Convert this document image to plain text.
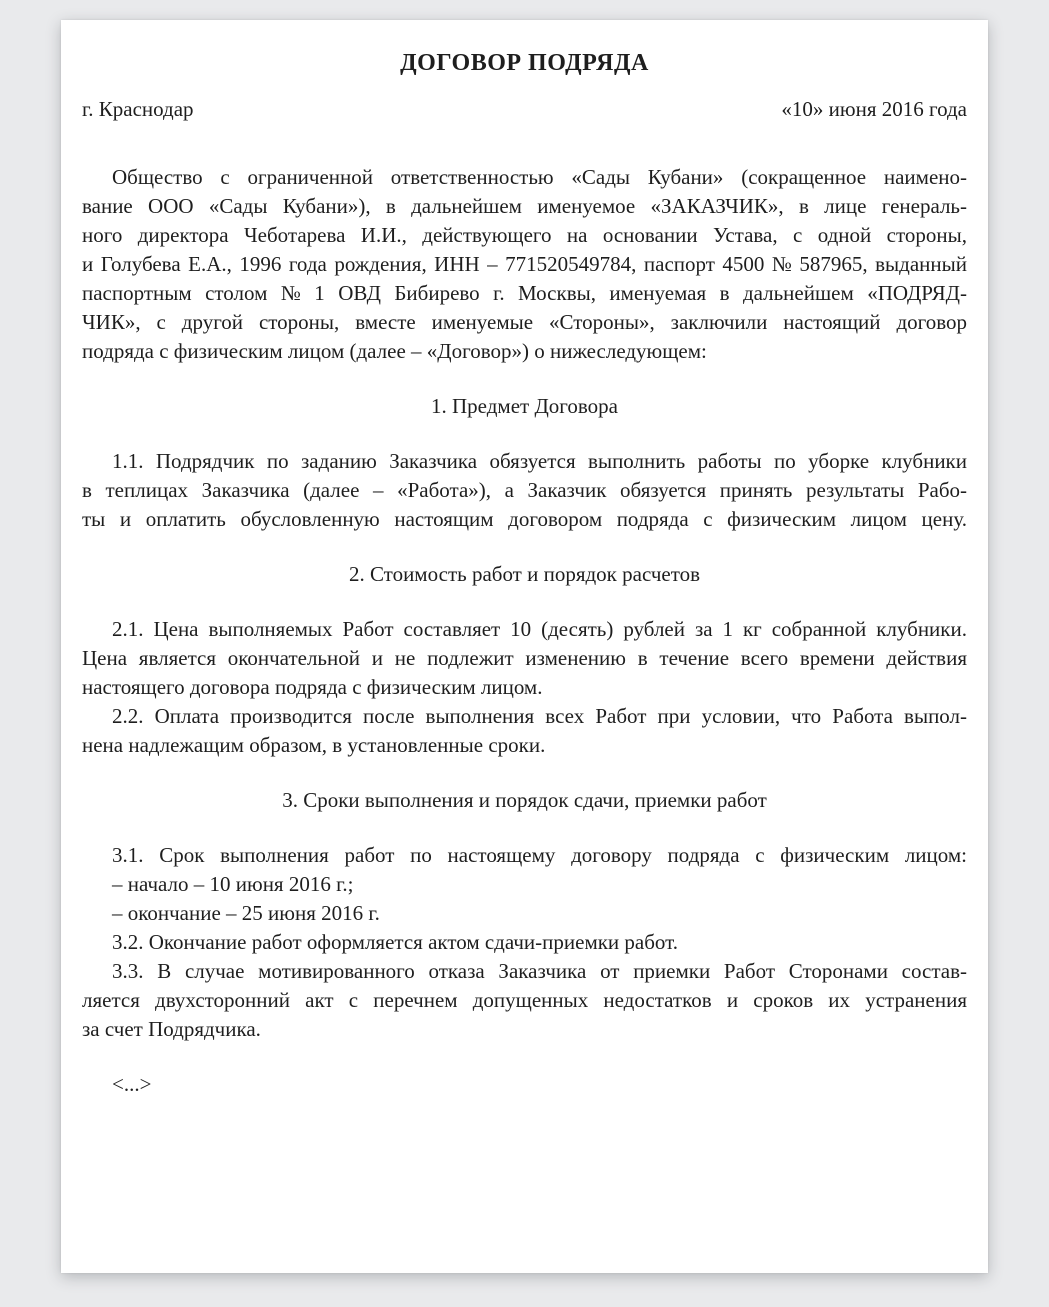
ДОГОВОР ПОДРЯДА
г. Краснодар	«10» июня 2016 года
Общество с ограниченной ответственностью «Сады Кубани» (сокращенное наимено-
вание ООО «Сады Кубани»), в дальнейшем именуемое «ЗАКАЗЧИК», в лице генераль-
ного директора Чеботарева И.И., действующего на основании Устава, с одной стороны,
и Голубева Е.А., 1996 года рождения, ИНН – 771520549784, паспорт 4500 № 587965, выданный
паспортным столом № 1 ОВД Бибирево г. Москвы, именуемая в дальнейшем «ПОДРЯД-
ЧИК», с другой стороны, вместе именуемые «Стороны», заключили настоящий договор
подряда с физическим лицом (далее – «Договор») о нижеследующем:
1. Предмет Договора
1.1. Подрядчик по заданию Заказчика обязуется выполнить работы по уборке клубники
в теплицах Заказчика (далее – «Работа»), а Заказчик обязуется принять результаты Рабо-
ты и оплатить обусловленную настоящим договором подряда с физическим лицом цену.
2. Стоимость работ и порядок расчетов
2.1. Цена выполняемых Работ составляет 10 (десять) рублей за 1 кг собранной клубники.
Цена является окончательной и не подлежит изменению в течение всего времени действия
настоящего договора подряда с физическим лицом.
2.2. Оплата производится после выполнения всех Работ при условии, что Работа выпол-
нена надлежащим образом, в установленные сроки.
3. Сроки выполнения и порядок сдачи, приемки работ
3.1. Срок выполнения работ по настоящему договору подряда с физическим лицом:
– начало – 10 июня 2016 г.;
– окончание – 25 июня 2016 г.
3.2. Окончание работ оформляется актом сдачи-приемки работ.
3.3. В случае мотивированного отказа Заказчика от приемки Работ Сторонами состав-
ляется двухсторонний акт с перечнем допущенных недостатков и сроков их устранения
за счет Подрядчика.
<...>
